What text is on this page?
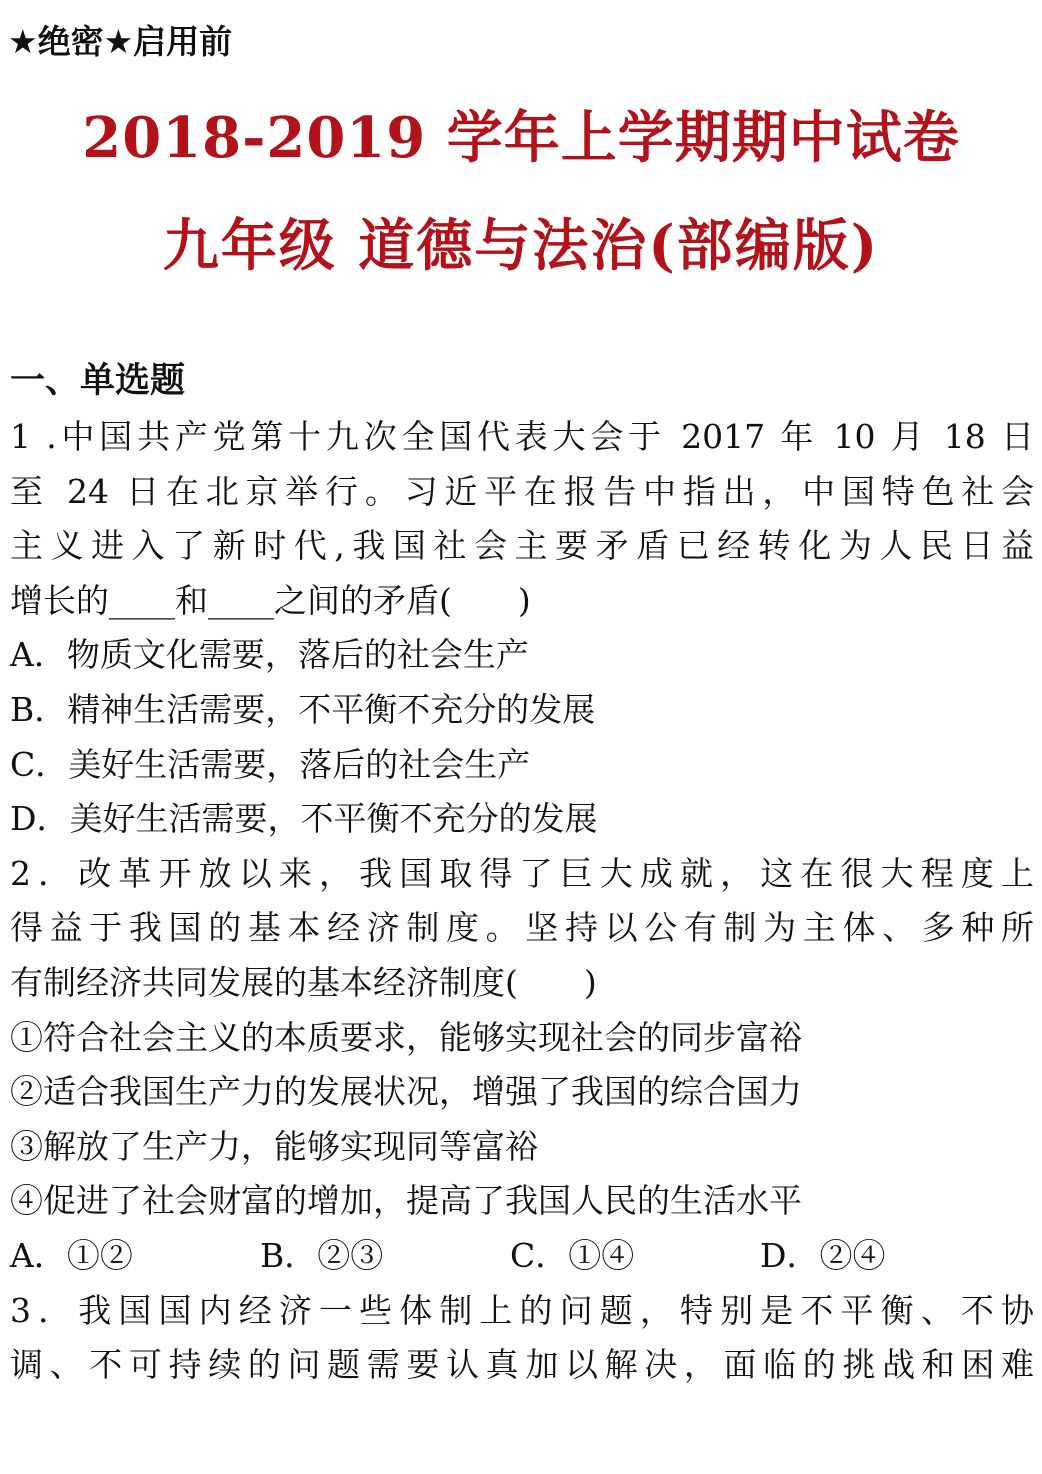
★绝密★启用前
2018-2019 学年上学期期中试卷
九年级 道德与法治(部编版)
一、单选题
1 .中国共产党第十九次全国代表大会于 2017 年 10 月 18 日
至 24 日在北京举行。习近平在报告中指出，中国特色社会
主义进入了新时代,我国社会主要矛盾已经转化为人民日益
增长的____和____之间的矛盾(　　)
A．物质文化需要，落后的社会生产
B．精神生活需要，不平衡不充分的发展
C．美好生活需要，落后的社会生产
D．美好生活需要，不平衡不充分的发展
2．改革开放以来，我国取得了巨大成就，这在很大程度上
得益于我国的基本经济制度。坚持以公有制为主体、多种所
有制经济共同发展的基本经济制度(　　)
①符合社会主义的本质要求，能够实现社会的同步富裕
②适合我国生产力的发展状况，增强了我国的综合国力
③解放了生产力，能够实现同等富裕
④促进了社会财富的增加，提高了我国人民的生活水平
A．①②	B．②③	C．①④	D．②④
3．我国国内经济一些体制上的问题，特别是不平衡、不协
调、不可持续的问题需要认真加以解决，面临的挑战和困难
